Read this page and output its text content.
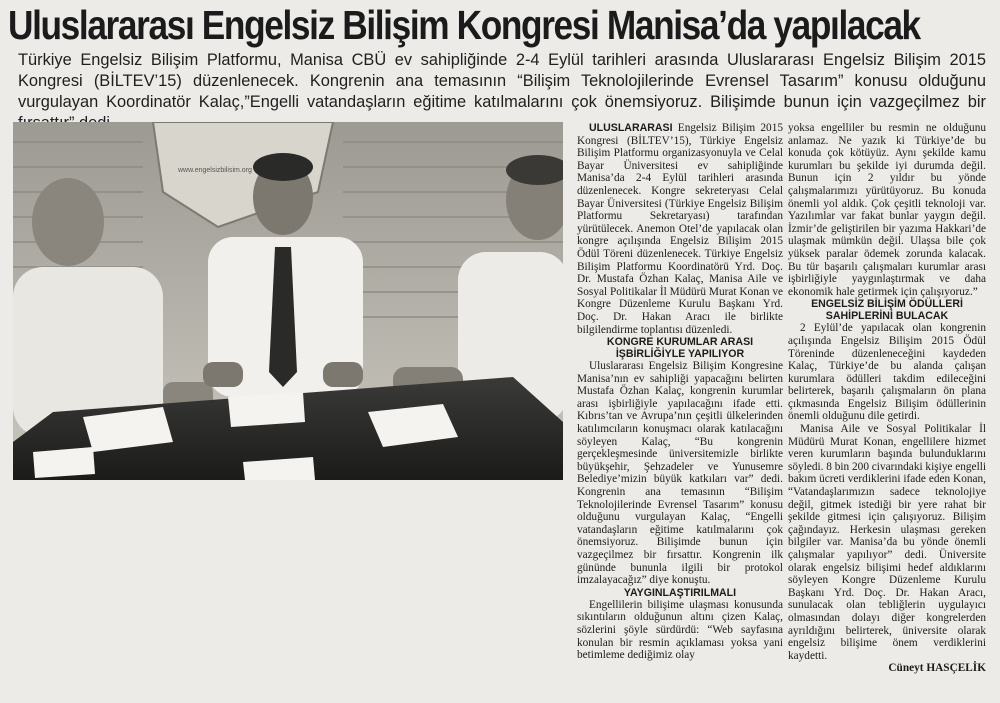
Uluslararası Engelsiz Bilişim Kongresi Manisa’da yapılacak

Türkiye Engelsiz Bilişim Platformu, Manisa CBÜ ev sahipliğinde 2-4 Eylül tarihleri arasında Uluslararası Engelsiz Bilişim 2015 Kongresi (BİLTEV’15) düzenlenecek. Kongrenin ana temasının “Bilişim Teknolojilerinde Evrensel Tasarım” konusu olduğunu vurgulayan Koordinatör Kalaç,”Engelli vatandaşların eğitime katılmalarını çok önemsiyoruz. Bilişimde bunun için vazgeçilmez bir

www.engelsizbilisim.org

ULUSLARARASI Engelsiz Bilişim 2015 Kongresi (BİLTEV’15), Türkiye Engelsiz Bilişim Platformu organizasyonuyla ve Celal Bayar Üniversitesi ev sahipliğinde Manisa’da 2-4 Eylül tarihleri arasında düzenlenecek. Kongre sekreteryası Celal Bayar Üniversitesi (Türkiye Engelsiz Bilişim Platformu Sekretaryası) tarafından yürütülecek. Anemon Otel’de yapılacak olan kongre açılışında Engelsiz Bilişim 2015 Ödül Töreni düzenlenecek. Türkiye Engelsiz Bilişim Platformu Koordinatörü Yrd. Doç. Dr. Mustafa Özhan Kalaç, Manisa Aile ve Sosyal Politikalar İl Müdürü Murat Konan ve Kongre Düzenleme Kurulu Başkanı Yrd. Doç. Dr. Hakan Aracı ile birlikte bilgilendirme toplantısı düzenledi.

KONGRE KURUMLAR ARASI İŞBİRLİĞİYLE YAPILIYOR

Uluslararası Engelsiz Bilişim Kongresine Manisa’nın ev sahipliği yapacağını belirten Mustafa Özhan Kalaç, kongrenin kurumlar arası işbirliğiyle yapılacağını ifade etti. Kıbrıs’tan ve Avrupa’nın çeşitli ülkelerinden katılımcıların konuşmacı olarak katılacağını söyleyen Kalaç, “Bu kongrenin gerçekleşmesinde üniversitemizle birlikte büyükşehir, Şehzadeler ve Yunusemre Belediye’mizin büyük katkıları var” dedi. Kongrenin ana temasının “Bilişim Teknolojilerinde Evrensel Tasarım” konusu olduğunu vurgulayan Kalaç, “Engelli vatandaşların eğitime katılmalarını çok önemsiyoruz. Bilişimde bunun için vazgeçilmez bir fırsattır. Kongrenin ilk gününde bununla ilgili bir protokol imzalayacağız” diye konuştu.

YAYGINLAŞTIRILMALI

Engellilerin bilişime ulaşması konusunda sıkıntıların olduğunun altını çizen Kalaç, sözlerini şöyle sürdürdü: “Web sayfasına konulan bir resmin açıklaması yoksa yani betimleme dediğimiz olay

yoksa engelliler bu resmin ne olduğunu anlamaz. Ne yazık ki Türkiye’de bu konuda çok kötüyüz. Aynı şekilde kamu kurumları bu şekilde iyi durumda değil. Bunun için 2 yıldır bu yönde çalışmalarımızı yürütüyoruz. Bu konuda önemli yol aldık. Çok çeşitli teknoloji var. Yazılımlar var fakat bunlar yaygın değil. İzmir’de geliştirilen bir yazıma Hakkari’de ulaşmak mümkün değil. Ulaşsa bile çok yüksek paralar ödemek zorunda kalacak. Bu tür başarılı çalışmaları kurumlar arası işbirliğiyle yaygınlaştırmak ve daha ekonomik hale getirmek için çalışıyoruz.”

ENGELSİZ BİLİŞİM ÖDÜLLERİ SAHİPLERİNİ BULACAK

2 Eylül’de yapılacak olan kongrenin açılışında Engelsiz Bilişim 2015 Ödül Töreninde düzenleneceğini kaydeden Kalaç, Türkiye’de bu alanda çalışan kurumlara ödülleri takdim edileceğini belirterek, başarılı çalışmaların ön plana çıkmasında Engelsiz Bilişim ödüllerinin önemli olduğunu dile getirdi.

Manisa Aile ve Sosyal Politikalar İl Müdürü Murat Konan, engellilere hizmet veren kurumların başında bulunduklarını söyledi. 8 bin 200 civarındaki kişiye engelli bakım ücreti verdiklerini ifade eden Konan, “Vatandaşlarımızın sadece teknolojiye değil, gitmek istediği bir yere rahat bir şekilde gitmesi için çalışıyoruz. Bilişim çağındayız. Herkesin ulaşması gereken bilgiler var. Manisa’da bu yönde önemli çalışmalar yapılıyor” dedi. Üniversite olarak engelsiz bilişimi hedef aldıklarını söyleyen Kongre Düzenleme Kurulu Başkanı Yrd. Doç. Dr. Hakan Aracı, sunulacak olan tebliğlerin uygulayıcı olmasından dolayı diğer kongrelerden ayrıldığını belirterek, üniversite olarak engelsiz bilişime önem verdiklerini kaydetti.

Cüneyt HASÇELİK
